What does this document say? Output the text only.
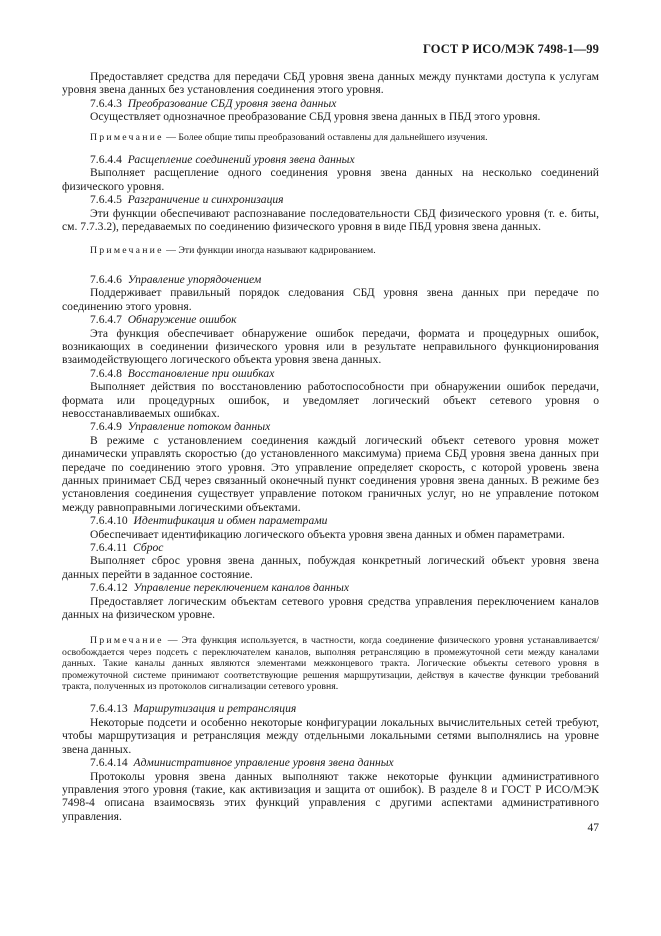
ГОСТ Р ИСО/МЭК 7498-1—99

Предоставляет средства для передачи СБД уровня звена данных между пунктами доступа к услугам уровня звена данных без установления соединения этого уровня.

7.6.4.3 Преобразование СБД уровня звена данных

Осуществляет однозначное преобразование СБД уровня звена данных в ПБД этого уровня.

Примечание — Более общие типы преобразований оставлены для дальнейшего изучения.

7.6.4.4 Расщепление соединений уровня звена данных

Выполняет расщепление одного соединения уровня звена данных на несколько соединений физического уровня.

7.6.4.5 Разграничение и синхронизация

Эти функции обеспечивают распознавание последовательности СБД физического уровня (т. е. биты, см. 7.7.3.2), передаваемых по соединению физического уровня в виде ПБД уровня звена данных.

Примечание — Эти функции иногда называют кадрированием.

7.6.4.6 Управление упорядочением

Поддерживает правильный порядок следования СБД уровня звена данных при передаче по соединению этого уровня.

7.6.4.7 Обнаружение ошибок

Эта функция обеспечивает обнаружение ошибок передачи, формата и процедурных ошибок, возникающих в соединении физического уровня или в результате неправильного функционирования взаимодействующего логического объекта уровня звена данных.

7.6.4.8 Восстановление при ошибках

Выполняет действия по восстановлению работоспособности при обнаружении ошибок передачи, формата или процедурных ошибок, и уведомляет логический объект сетевого уровня о невосстанавливаемых ошибках.

7.6.4.9 Управление потоком данных

В режиме с установлением соединения каждый логический объект сетевого уровня может динамически управлять скоростью (до установленного максимума) приема СБД уровня звена данных при передаче по соединению этого уровня. Это управление определяет скорость, с которой уровень звена данных принимает СБД через связанный оконечный пункт соединения уровня звена данных. В режиме без установления соединения существует управление потоком граничных услуг, но не управление потоком между равноправными логическими объектами.

7.6.4.10 Идентификация и обмен параметрами

Обеспечивает идентификацию логического объекта уровня звена данных и обмен параметрами.

7.6.4.11 Сброс

Выполняет сброс уровня звена данных, побуждая конкретный логический объект уровня звена данных перейти в заданное состояние.

7.6.4.12 Управление переключением каналов данных

Предоставляет логическим объектам сетевого уровня средства управления переключением каналов данных на физическом уровне.

Примечание — Эта функция используется, в частности, когда соединение физического уровня устанавливается/освобождается через подсеть с переключателем каналов, выполняя ретрансляцию в промежуточной сети между каналами данных. Такие каналы данных являются элементами межконцевого тракта. Логические объекты сетевого уровня в промежуточной системе принимают соответствующие решения маршрутизации, действуя в качестве функции требований тракта, полученных из протоколов сигнализации сетевого уровня.

7.6.4.13 Маршрутизация и ретрансляция

Некоторые подсети и особенно некоторые конфигурации локальных вычислительных сетей требуют, чтобы маршрутизация и ретрансляция между отдельными локальными сетями выполнялись на уровне звена данных.

7.6.4.14 Административное управление уровня звена данных

Протоколы уровня звена данных выполняют также некоторые функции административного управления этого уровня (такие, как активизация и защита от ошибок). В разделе 8 и ГОСТ Р ИСО/МЭК 7498-4 описана взаимосвязь этих функций управления с другими аспектами административного управления.

47
